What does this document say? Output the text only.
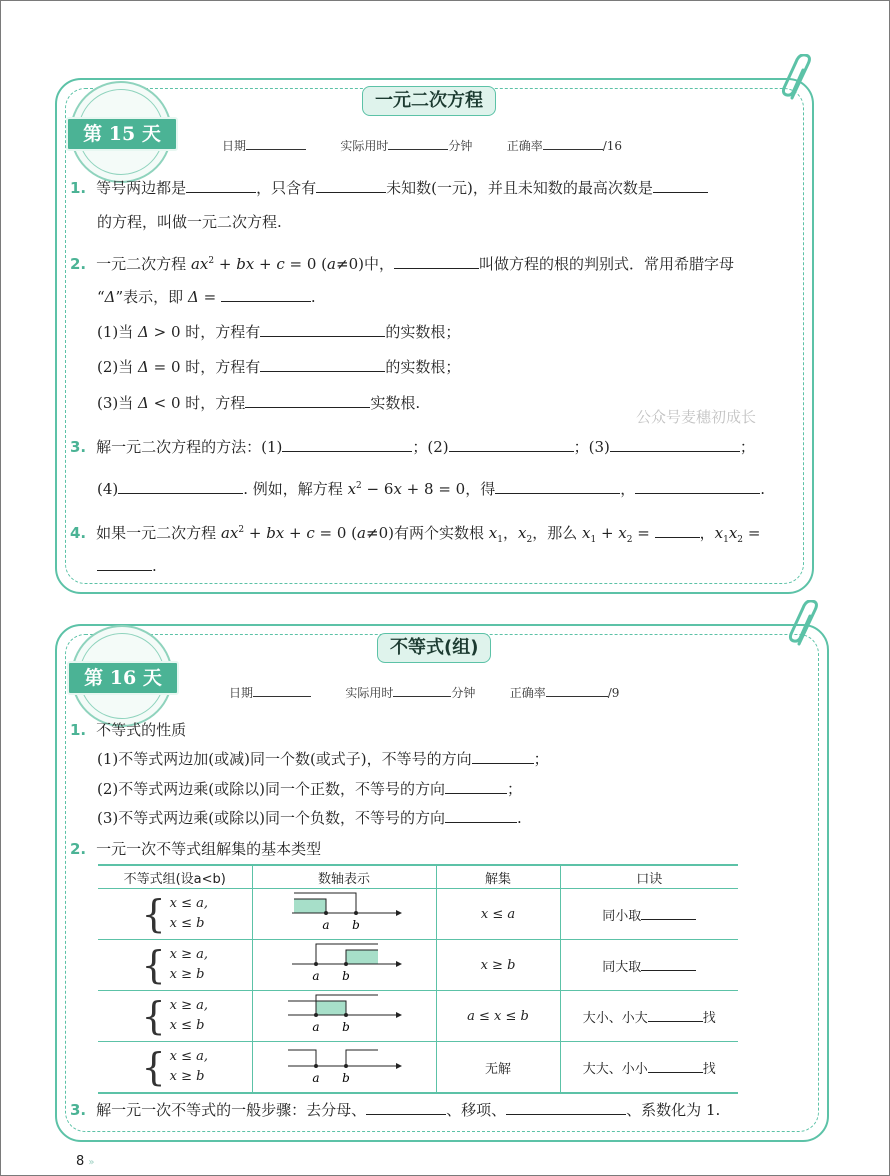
一元二次方程
第 15 天
日期	实际用时	分钟	正确率	/16
1. 等号两边都是	，只含有	未知数(一元)，并且未知数的最高次数是
的方程，叫做一元二次方程.
2. 一元二次方程 $ax^2$ + bx + c = 0 (a≠0)中，	叫做方程的根的判别式．常用希腊字母
“Δ”表示，即 Δ =	.
(1)当 Δ > 0 时，方程有	的实数根；
(2)当 Δ = 0 时，方程有	的实数根；
(3)当 Δ < 0 时，方程	实数根.
3. 解一元二次方程的方法：(1)	；(2)	；(3)	；
(4)	. 例如，解方程 $x^2 - 6x + 8 = 0$，得	，	.
4. 如果一元二次方程 $ax^2$ + bx + c = 0 (a≠0)有两个实数根 $x_1$，$x_2$，那么 $x_1 + x_2$ =	，$x_1x_2$ =
.
公众号麦穗初成长
不等式(组)
第 16 天
日期	实际用时	分钟	正确率	/9
1. 不等式的性质
(1)不等式两边加(或减)同一个数(或式子)，不等号的方向	；
(2)不等式两边乘(或除以)同一个正数，不等号的方向	；
(3)不等式两边乘(或除以)同一个负数，不等号的方向	.
2. 一元一次不等式组解集的基本类型
不等式组(设a<b)	数轴表示	解集	口诀

{ x ≤ a,
x ≤ b	a b	x ≤ a	同小取

{ x ≥ a,
x ≥ b	a b	x ≥ b	同大取

{ x ≥ a,
x ≤ b	a b	a ≤ x ≤ b	大小、小大 找

{ x ≤ a,
x ≥ b	a b	无解	大大、小小 找
3. 解一元一次不等式的一般步骤：去分母、	、移项、	、系数化为 1.
8 »
